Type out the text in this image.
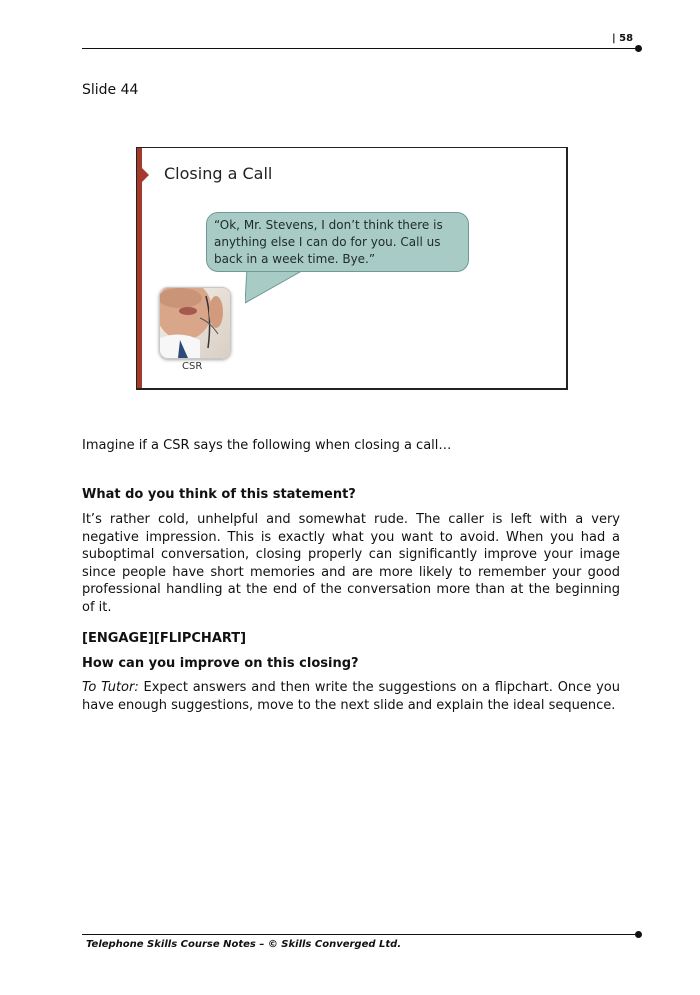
| 58
Slide 44
Closing a Call
“Ok, Mr. Stevens, I don’t think there is anything else I can do for you. Call us back in a week time. Bye.”
CSR
Imagine if a CSR says the following when closing a call…
What do you think of this statement?
It’s rather cold, unhelpful and somewhat rude. The caller is left with a very negative impression. This is exactly what you want to avoid. When you had a suboptimal conversation, closing properly can significantly improve your image since people have short memories and are more likely to remember your good professional handling at the end of the conversation more than at the beginning of it.
[ENGAGE][FLIPCHART]
How can you improve on this closing?
To Tutor: Expect answers and then write the suggestions on a flipchart. Once you have enough suggestions, move to the next slide and explain the ideal sequence.
Telephone Skills Course Notes – © Skills Converged Ltd.
